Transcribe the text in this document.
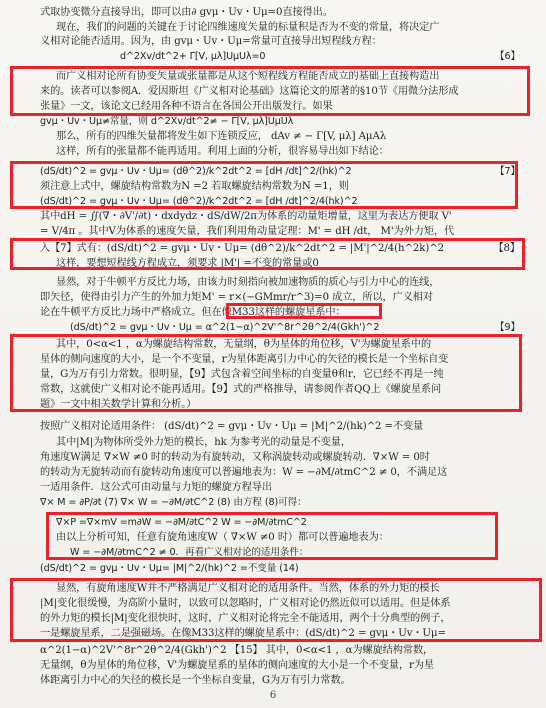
式取协变微分直接导出，即可以由∂ gvμ・Uv・Uμ=0直接得出。
现在，我们的问题的关键在于讨论四维速度矢量的标量积是否为不变的常量，将决定广
义相对论能否适用。因为，由 gvμ・Uv・Uμ=常量可直接导出短程线方程：
d^2Xv/dt^2+ Γ[V, μλ]UμUλ=0	【6】
而广义相对论所有协变矢量或张量都是从这个短程线方程能否成立的基础上直接构造出
来的。读者可以参阅A．爱因斯坦《广义相对论基础》这篇论文的原著的§10节《用微分法形成
张量》一文，该论文已经用各种不语言在各国公开出版发行。如果
gvμ・Uv・Uμ≠常量，则 d^2Xv/dt^2≠ − Γ[V, μλ]UμUλ
那么，所有的四维矢量都将发生如下连锁反应， dAv ≠ − Γ[V, μλ] AμAλ
这样，所有的张量都不能再适用。利用上面的分析，很容易导出如下结论：
(dS/dt)^2 = gvμ・Uv・Uμ= (dθ^2)/k^2dt^2 = [dH /dt]^2/(hk)^2	【7】
须注意上式中，螺旋结构常数为N =2 若取螺旋结构常数为N =1，则
(dS/dt)^2 = gvμ・Uv・Uμ= (dθ^2)/k^2dt^2 = [dH /dt]^2/4(hk)^2
其中dH = ∬(∇・∂V'/∂t)・dxdydz・dS/dW/2π为体系的动量矩增量，这里为表达方便取 V'
= V/4π 。其中V为体系的速度矢量，我们利用角动量定理：M' = dH /dt， M'为外力矩，代
入【7】式有：(dS/dt)^2 = gvμ・Uv・Uμ= (dθ^2)/k^2dt^2 = |M'|^2/4(h^2k)^2	【8】
这样，要想短程线方程成立，须要求 |M'| =不变的常量或0
显然，对于牛顿平方反比力场，由该力时刻指向被加速物质的质心与引力中心的连线，
即矢径，使得由引力产生的外加力矩M' = r×(−GMmr/r^3)=0 成立，所以，广义相对
论在牛顿平方反比力场中严格成立。但在像M33这样的螺旋星系中：
(dS/dt)^2 = gvμ・Uv・Uμ = α^2(1−α)^2V'^8r^2θ^2/4(Gkh')^2	【9】
其中，0<α<1 ，α为螺旋结构常数，无量纲，θ为星体的角位移，V'为螺旋星系中的
星体的侧向速度的大小，是一个不变量，r为星体距离引力中心的矢径的模长是一个坐标自变
量，G为万有引力常数。很明显，【9】式包含着空间坐标的自变量θ和r，它已经不再是一纯
常数，这就使广义相对论不能再适用。【9】式的严格推导，请参阅作者QQ上《螺旋星系问
题》一文中相关数学计算和分析。）
按照广义相对论适用条件： (dS/dt)^2 = gvμ・Uv・Uμ = |M|^2/(hk)^2 =不变量
其中|M|为物体所受外力矩的模长，hk 为参考光的动量是不变量，
角速度W满足 ∇×W ≠0 时的转动为有旋转动，又称涡旋转动或螺旋转动．∇×W = 0时
的转动为无旋转动而有旋转动角速度可以普遍地表为：W = −∂M/∂tmC^2 ≠ 0，不满足这
一适用条件．这公式可由动量与力矩的螺旋方程导出
∇× M = ∂P/∂t (7) ∇× W = −∂M/∂tC^2 (8) 由方程 (8)可得：
∇×P =∇×mV =m∂W = −∂M/∂tC^2 W = −∂M/∂tmC^2
由以上分析可知，任意有旋角速度W（ ∇×W ≠0 时）都可以普遍地表为：
W = −∂M/∂tmC^2 ≠ 0．再看广义相对论的适用条件：
(dS/dt)^2 = gvμ・Uv・Uμ= |M|^2/(hk)^2 =不变量 (14)
显然，有旋角速度W并不严格满足广义相对论的适用条件。当然，体系的外力矩的模长
|M|变化很缓慢，为高阶小量时，以致可以忽略时，广义相对论仍然近似可以适用。但是体系
的外力矩的模长|M|变化很快时，这时，广义相对论将完全不能适用，两个十分典型的例子，
一是螺旋星系，二是强磁场。在像M33这样的螺旋星系中：(dS/dt)^2 = gvμ・Uv・Uμ=
α^2(1−α)^2V'^8r^2θ^2/4(Gkh')^2 【15】 其中，0<α<1 ，α为螺旋结构常数，
无量纲，θ为星体的角位移，V'为螺旋星系的星体的侧向速度的大小是一个不变量，r为星
体距离引力中心的矢径的模长是一个坐标自变量，G为万有引力常数。
6
